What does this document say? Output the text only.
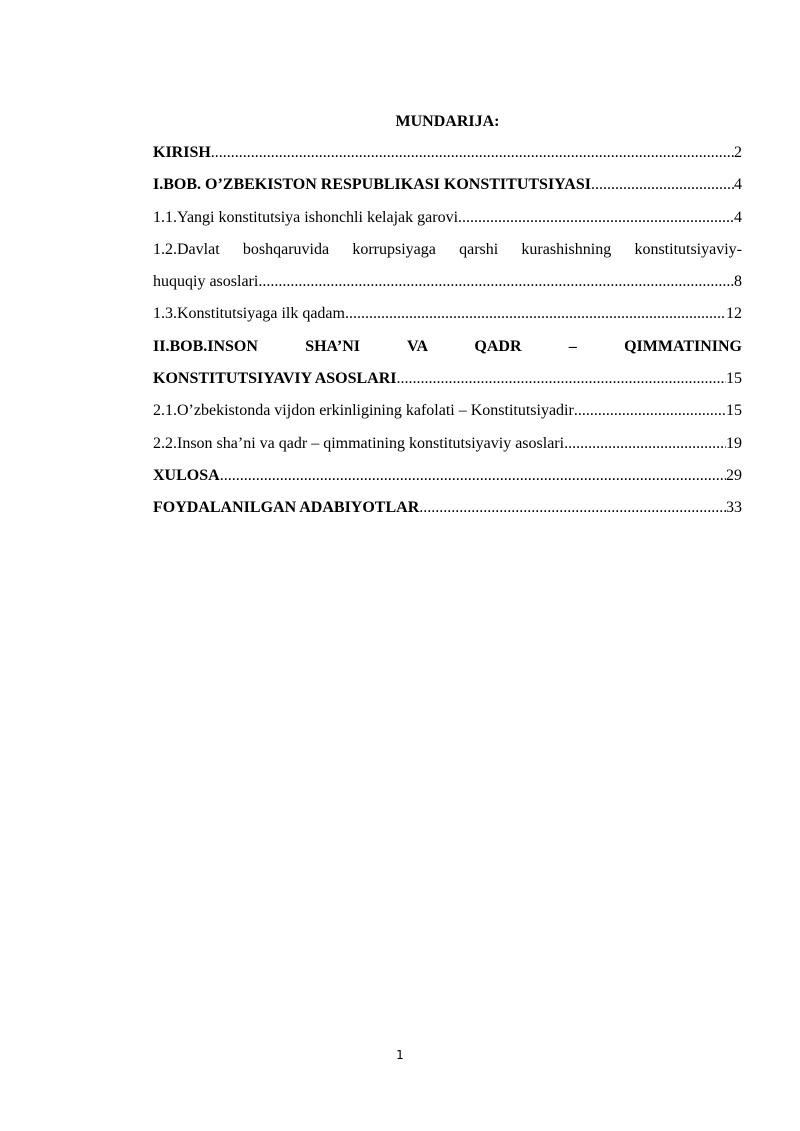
MUNDARIJA:
KIRISH .....	2
I.BOB. O’ZBEKISTON RESPUBLIKASI KONSTITUTSIYASI .....	4
1.1.Yangi konstitutsiya ishonchli kelajak garovi .....	4
1.2.Davlat boshqaruvida korrupsiyaga qarshi kurashishning konstitutsiyaviy-
huquqiy asoslari .....	8
1.3.Konstitutsiyaga ilk qadam .....	12
II.BOB.INSON SHA’NI VA QADR – QIMMATINING
KONSTITUTSIYAVIY ASOSLARI .....	15
2.1.O’zbekistonda vijdon erkinligining kafolati – Konstitutsiyadir .....	15
2.2.Inson sha’ni va qadr – qimmatining konstitutsiyaviy asoslari .....	19
XULOSA .....	29
FOYDALANILGAN ADABIYOTLAR .....	33
1
